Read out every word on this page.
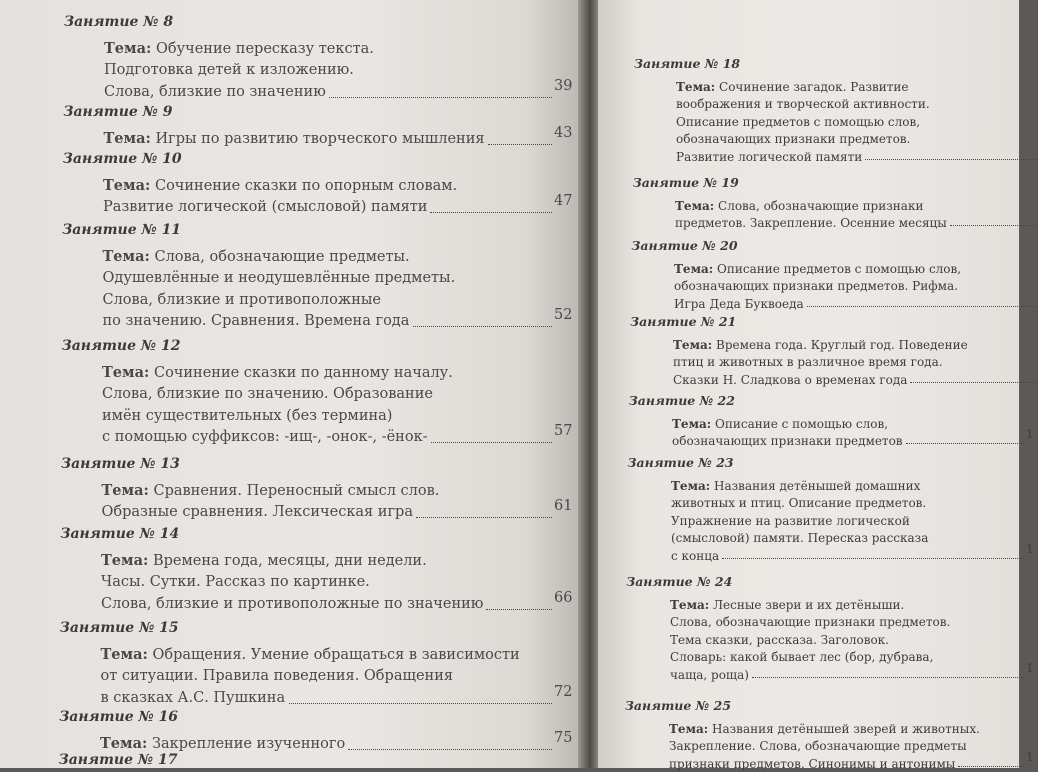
Занятие № 8
Тема: Обучение пересказу текста.
Подготовка детей к изложению.
Слова, близкие по значению	39
Занятие № 9
Тема: Игры по развитию творческого мышления	43
Занятие № 10
Тема: Сочинение сказки по опорным словам.
Развитие логической (смысловой) памяти	47
Занятие № 11
Тема: Слова, обозначающие предметы.
Одушевлённые и неодушевлённые предметы.
Слова, близкие и противоположные
по значению. Сравнения. Времена года	52
Занятие № 12
Тема: Сочинение сказки по данному началу.
Слова, близкие по значению. Образование
имён существительных (без термина)
с помощью суффиксов: -ищ-, -онок-, -ёнок-	57
Занятие № 13
Тема: Сравнения. Переносный смысл слов.
Образные сравнения. Лексическая игра	61
Занятие № 14
Тема: Времена года, месяцы, дни недели.
Часы. Сутки. Рассказ по картинке.
Слова, близкие и противоположные по значению	66
Занятие № 15
Тема: Обращения. Умение обращаться в зависимости
от ситуации. Правила поведения. Обращения
в сказках А.С. Пушкина	72
Занятие № 16
Тема: Закрепление изученного	75
Занятие № 17
Занятие № 18
Тема: Сочинение загадок. Развитие
воображения и творческой активности.
Описание предметов с помощью слов,
обозначающих признаки предметов.
Развитие логической памяти
Занятие № 19
Тема: Слова, обозначающие признаки
предметов. Закрепление. Осенние месяцы
Занятие № 20
Тема: Описание предметов с помощью слов,
обозначающих признаки предметов. Рифма.
Игра Деда Буквоеда
Занятие № 21
Тема: Времена года. Круглый год. Поведение
птиц и животных в различное время года.
Сказки Н. Сладкова о временах года
Занятие № 22
Тема: Описание с помощью слов,
обозначающих признаки предметов	1
Занятие № 23
Тема: Названия детёнышей домашних
животных и птиц. Описание предметов.
Упражнение на развитие логической
(смысловой) памяти. Пересказ рассказа
с конца	1
Занятие № 24
Тема: Лесные звери и их детёныши.
Слова, обозначающие признаки предметов.
Тема сказки, рассказа. Заголовок.
Словарь: какой бывает лес (бор, дубрава,
чаща, роща)	1
Занятие № 25
Тема: Названия детёнышей зверей и животных.
Закрепление. Слова, обозначающие предметы
признаки предметов. Синонимы и антонимы	1
